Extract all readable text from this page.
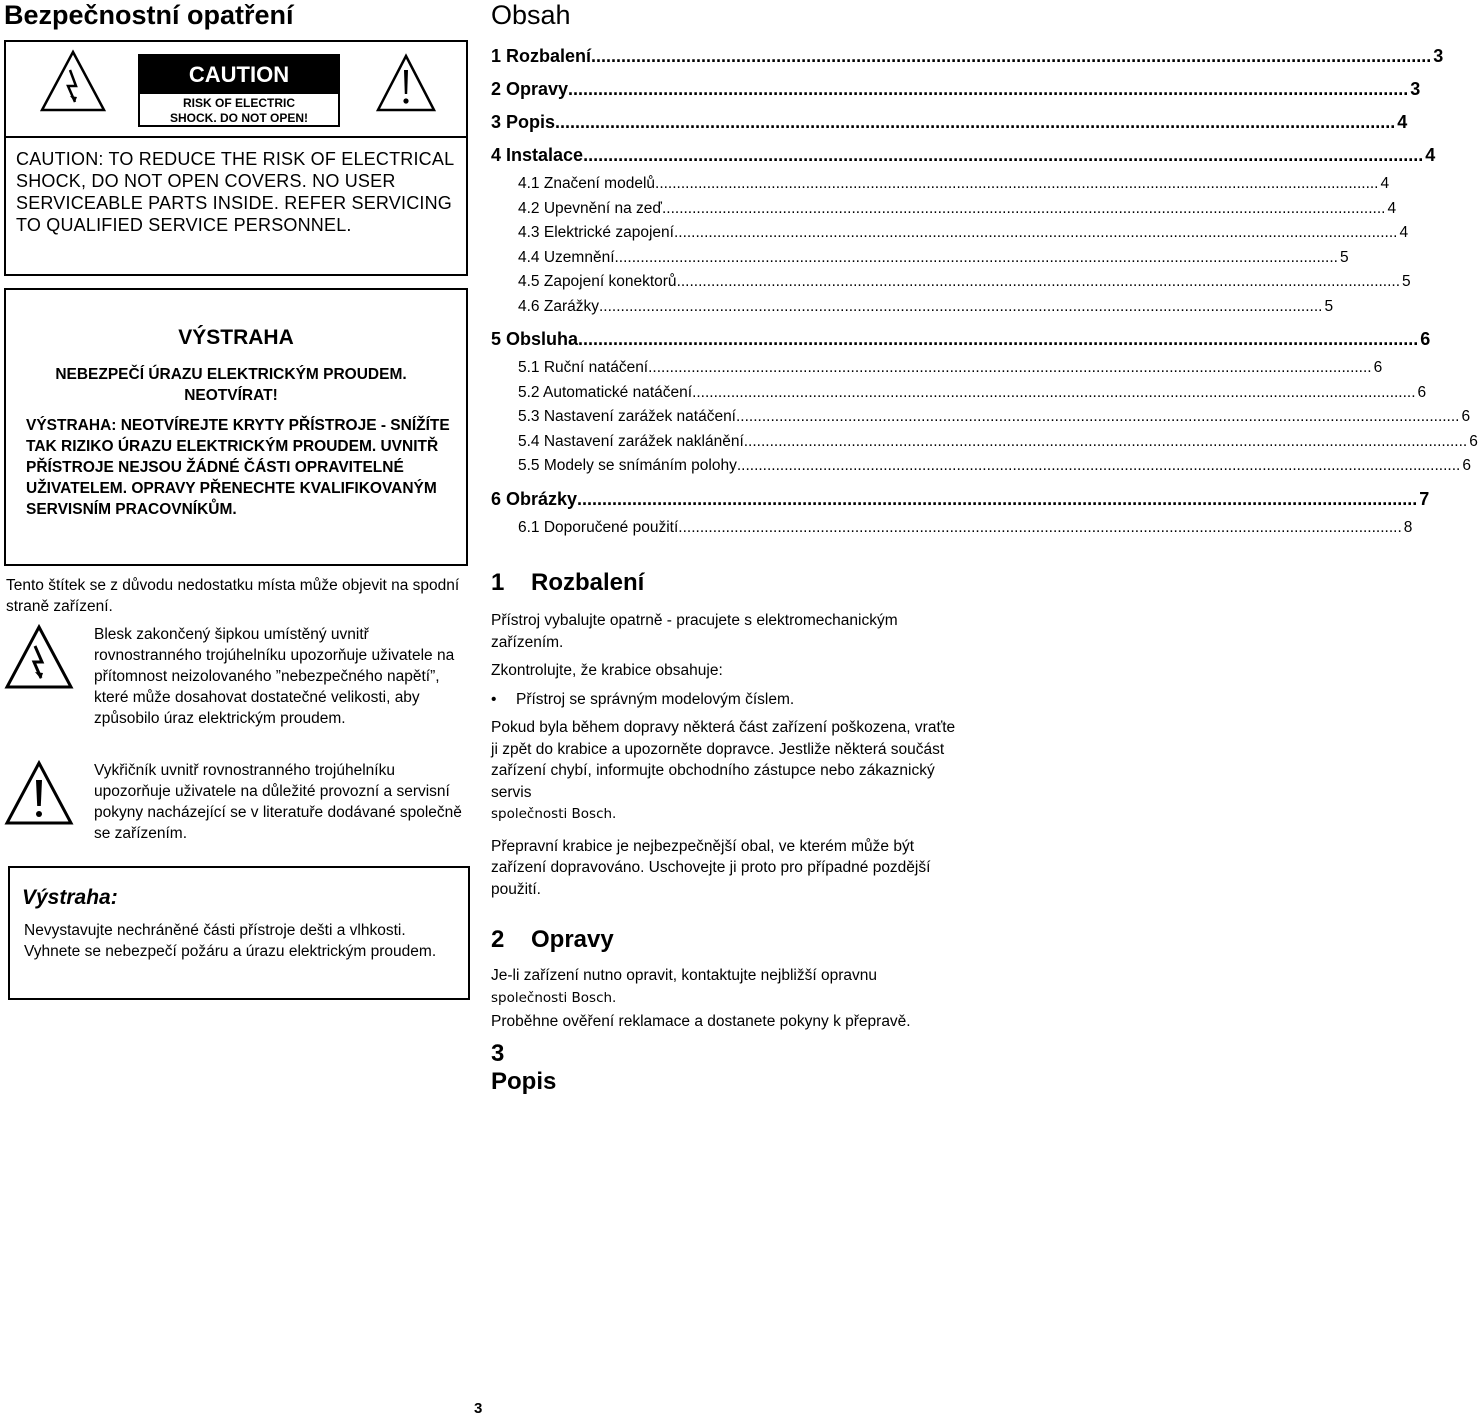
Bezpečnostní opatření
CAUTION
RISK OF ELECTRIC
SHOCK. DO NOT OPEN!
CAUTION: TO REDUCE THE RISK OF ELECTRICAL SHOCK, DO NOT OPEN COVERS. NO USER SERVICEABLE PARTS INSIDE. REFER SERVICING TO QUALIFIED SERVICE PERSONNEL.
VÝSTRAHA

NEBEZPEČÍ ÚRAZU ELEKTRICKÝM PROUDEM. NEOTVÍRAT!

VÝSTRAHA: NEOTVÍREJTE KRYTY PŘÍSTROJE - SNÍŽÍTE TAK RIZIKO ÚRAZU ELEKTRICKÝM PROUDEM. UVNITŘ PŘÍSTROJE NEJSOU ŽÁDNÉ ČÁSTI OPRAVITELNÉ UŽIVATELEM. OPRAVY PŘENECHTE KVALIFIKOVANÝM SERVISNÍM PRACOVNÍKŮM.

Tento štítek se z důvodu nedostatku místa může objevit na spodní straně zařízení.
Blesk zakončený šipkou umístěný uvnitř rovnostranného trojúhelníku upozorňuje uživatele na přítomnost neizolovaného ”nebezpečného napětí”, které může dosahovat dostatečné velikosti, aby způsobilo úraz elektrickým proudem.
Vykřičník uvnitř rovnostranného trojúhelníku upozorňuje uživatele na důležité provozní a servisní pokyny nacházející se v literatuře dodávané společně se zařízením.
Výstraha:
Nevystavujte nechráněné části přístroje dešti a vlhkosti. Vyhnete se nebezpečí požáru a úrazu elektrickým proudem.
Obsah
1 Rozbalení .....	3
2 Opravy .....	3
3 Popis .....	4
4 Instalace .....	4
4.1 Značení modelů .....	4
4.2 Upevnění na zeď .....	4
4.3 Elektrické zapojení .....	4
4.4 Uzemnění .....	5
4.5 Zapojení konektorů .....	5
4.6 Zarážky .....	5
5 Obsluha .....	6
5.1 Ruční natáčení .....	6
5.2 Automatické natáčení .....	6
5.3 Nastavení zarážek natáčení .....	6
5.4 Nastavení zarážek naklánění .....	6
5.5 Modely se snímáním polohy .....	6
6 Obrázky .....	7
6.1 Doporučené použití .....	8
1 Rozbalení
Přístroj vybalujte opatrně - pracujete s elektromechanickým zařízením.
Zkontrolujte, že krabice obsahuje:
• Přístroj se správným modelovým číslem.
Pokud byla během dopravy některá část zařízení poškozena, vraťte ji zpět do krabice a upozorněte dopravce. Jestliže některá součást zařízení chybí, informujte obchodního zástupce nebo zákaznický servis
společnosti Bosch.
Přepravní krabice je nejbezpečnější obal, ve kterém může být zařízení dopravováno. Uschovejte ji proto pro případné pozdější použití.
2 Opravy
Je-li zařízení nutno opravit, kontaktujte nejbližší opravnu
společnosti Bosch.
Proběhne ověření reklamace a dostanete pokyny k přepravě.
3 Popis
3
